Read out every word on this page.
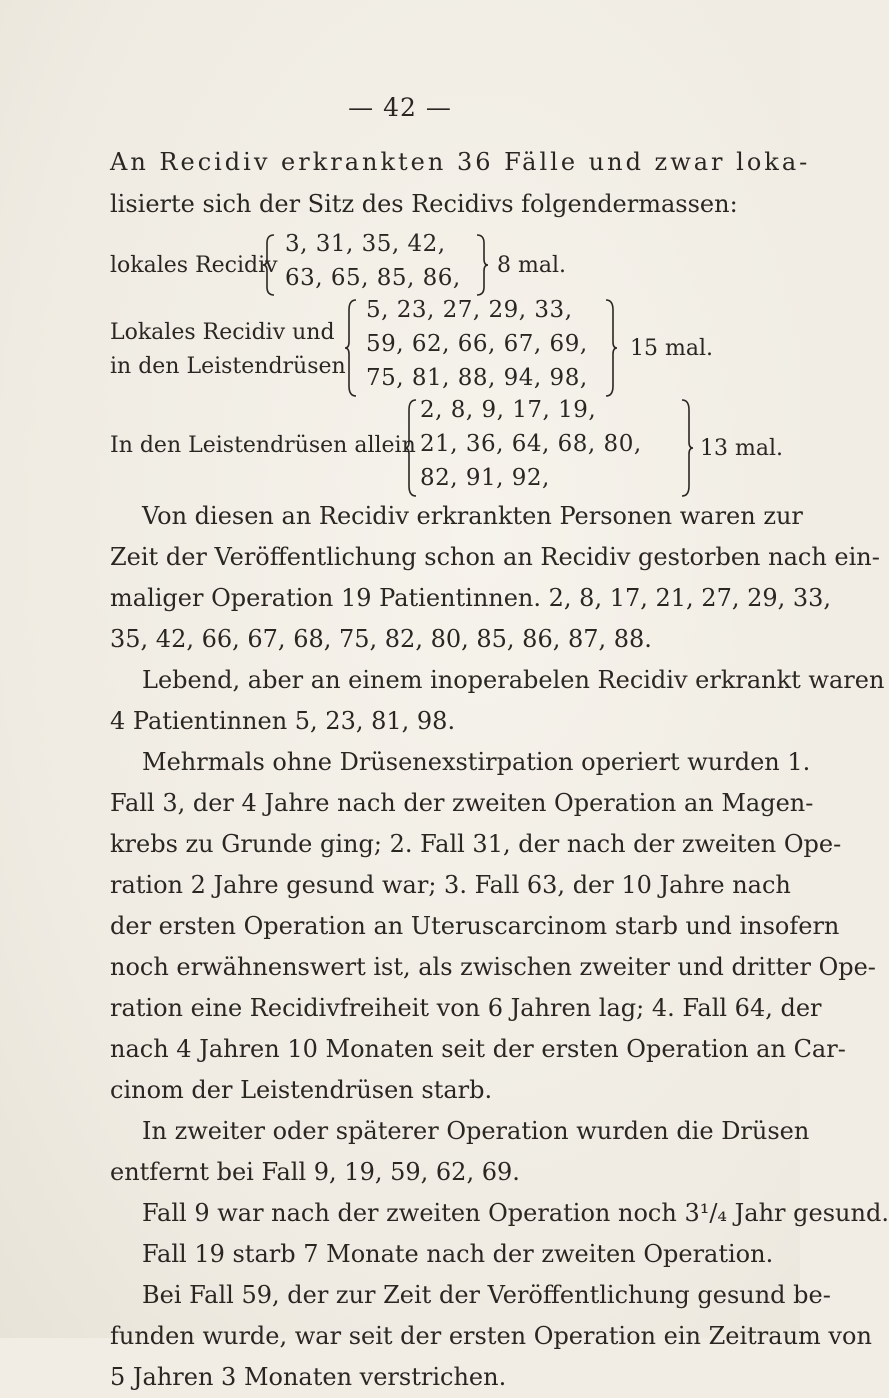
— 42 —
An Recidiv erkrankten 36 Fälle und zwar loka-
lisierte sich der Sitz des Recidivs folgendermassen:
lokales Recidiv
3, 31, 35, 42,
63, 65, 85, 86, 8 mal.
Lokales Recidiv und
in den Leistendrüsen
5, 23, 27, 29, 33,
59, 62, 66, 67, 69,
75, 81, 88, 94, 98,
15 mal.
In den Leistendrüsen allein
2, 8, 9, 17, 19,
21, 36, 64, 68, 80,
82, 91, 92,
13 mal.
Von diesen an Recidiv erkrankten Personen waren zur
Zeit der Veröffentlichung schon an Recidiv gestorben nach ein-
maliger Operation 19 Patientinnen. 2, 8, 17, 21, 27, 29, 33,
35, 42, 66, 67, 68, 75, 82, 80, 85, 86, 87, 88.
Lebend, aber an einem inoperabelen Recidiv erkrankt waren
4 Patientinnen 5, 23, 81, 98.
Mehrmals ohne Drüsenexstirpation operiert wurden 1.
Fall 3, der 4 Jahre nach der zweiten Operation an Magen-
krebs zu Grunde ging; 2. Fall 31, der nach der zweiten Ope-
ration 2 Jahre gesund war; 3. Fall 63, der 10 Jahre nach
der ersten Operation an Uteruscarcinom starb und insofern
noch erwähnenswert ist, als zwischen zweiter und dritter Ope-
ration eine Recidivfreiheit von 6 Jahren lag; 4. Fall 64, der
nach 4 Jahren 10 Monaten seit der ersten Operation an Car-
cinom der Leistendrüsen starb.
In zweiter oder späterer Operation wurden die Drüsen
entfernt bei Fall 9, 19, 59, 62, 69.
Fall 9 war nach der zweiten Operation noch 3¹/₄ Jahr gesund.
Fall 19 starb 7 Monate nach der zweiten Operation.
Bei Fall 59, der zur Zeit der Veröffentlichung gesund be-
funden wurde, war seit der ersten Operation ein Zeitraum von
5 Jahren 3 Monaten verstrichen.
